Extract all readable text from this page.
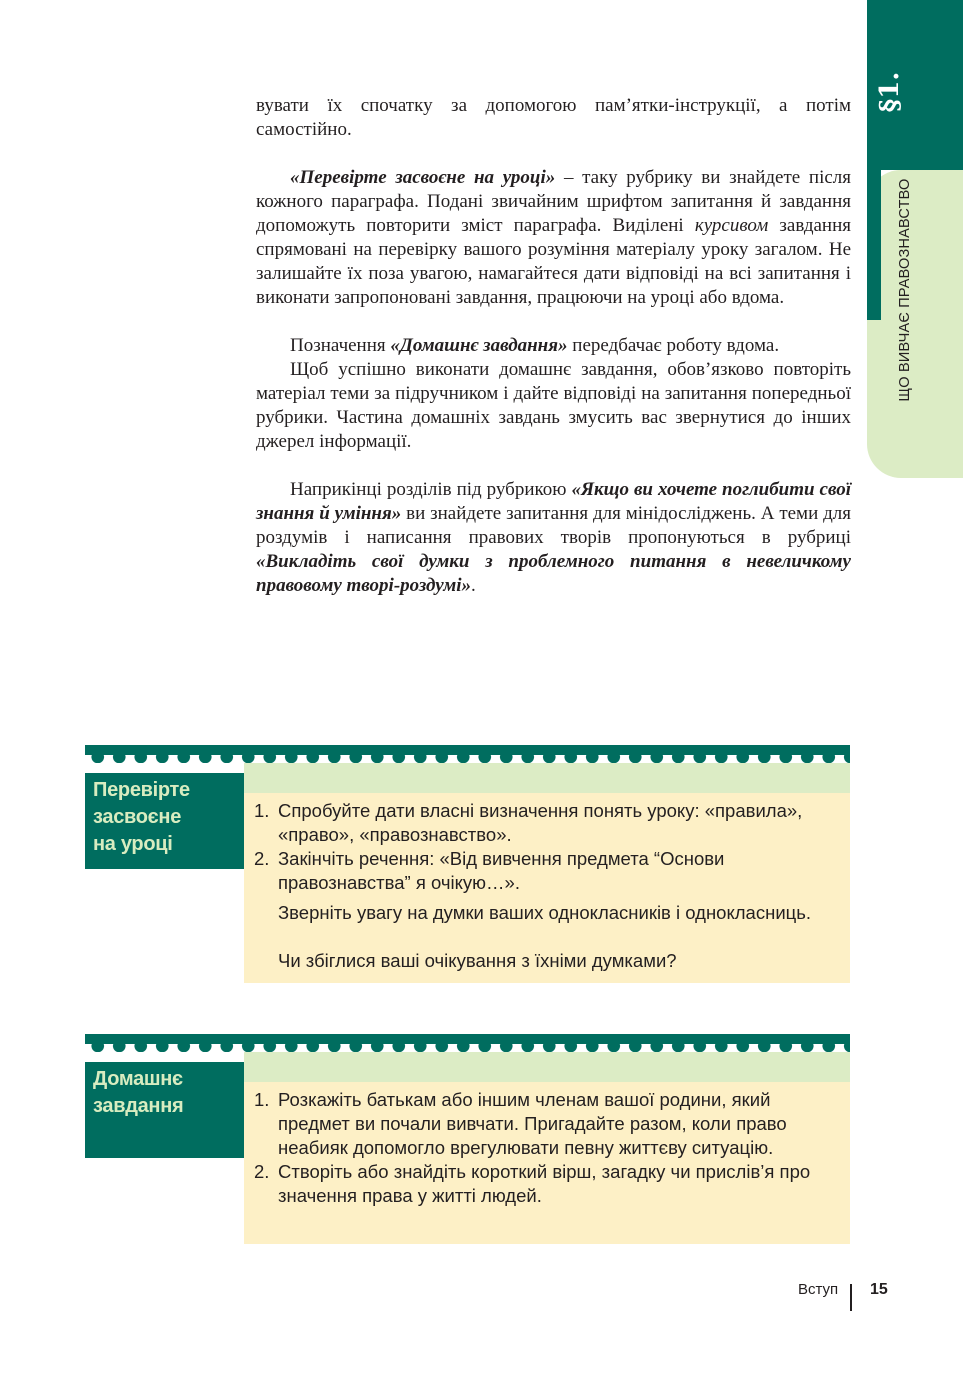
§1.
ЩО ВИВЧАЄ ПРАВОЗНАВСТВО

вувати їх спочатку за допомогою пам’ятки-інструкції, а потім самостійно.

«Перевірте засвоєне на уроці» – таку рубрику ви знайдете після кожного параграфа. Подані звичайним шрифтом запитання й завдання допоможуть повторити зміст параграфа. Виділені курсивом завдання спрямовані на перевірку вашого розуміння матеріалу уроку загалом. Не залишайте їх поза увагою, намагайтеся дати відповіді на всі запитання і виконати запропоновані завдання, працюючи на уроці або вдома.

Позначення «Домашнє завдання» передбачає роботу вдома.

Щоб успішно виконати домашнє завдання, обов’язково повторіть матеріал теми за підручником і дайте відповіді на запитання попередньої рубрики. Частина домашніх завдань змусить вас звернутися до інших джерел інформації.

Наприкінці розділів під рубрикою «Якщо ви хочете поглибити свої знання й уміння» ви знайдете запитання для мінідосліджень. А теми для роздумів і написання правових творів пропонуються в рубриці «Викладіть свої думки з проблемного питання в невеличкому правовому творі-роздумі».

Перевірте
засвоєне
на уроці
1. Спробуйте дати власні визначення понять уроку: «правила», «право», «правознавство».
2. Закінчіть речення: «Від вивчення предмета “Основи правознавства” я очікую…».
Зверніть увагу на думки ваших однокласників і однокласниць.
Чи збіглися ваші очікування з їхніми думками?
Домашнє
завдання	1. Розкажіть батькам або іншим членам вашої родини, який предмет ви почали вивчати. Пригадайте разом, коли право неабияк допомогло врегулювати певну життєву ситуацію.
2. Створіть або знайдіть короткий вірш, загадку чи прислів’я про значення права у житті людей.
Вступ 15
